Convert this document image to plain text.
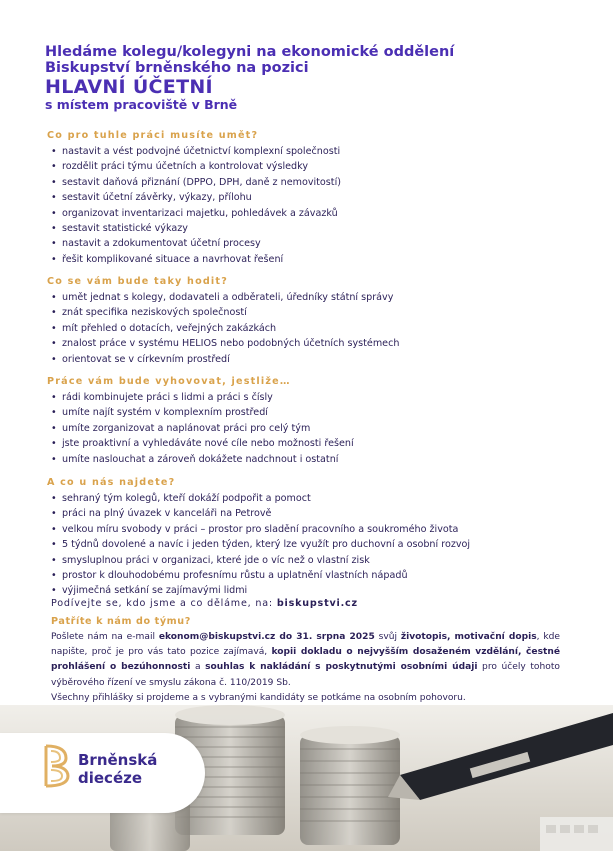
Hledáme kolegu/kolegyni na ekonomické oddělení

Biskupství brněnského na pozici

HLAVNÍ ÚČETNÍ

s místem pracoviště v Brně

Co pro tuhle práci musíte umět?
• nastavit a vést podvojné účetnictví komplexní společnosti
• rozdělit práci týmu účetních a kontrolovat výsledky
• sestavit daňová přiznání (DPPO, DPH, daně z nemovitostí)
• sestavit účetní závěrky, výkazy, přílohu
• organizovat inventarizaci majetku, pohledávek a závazků
• sestavit statistické výkazy
• nastavit a zdokumentovat účetní procesy
• řešit komplikované situace a navrhovat řešení
Co se vám bude taky hodit?
• umět jednat s kolegy, dodavateli a odběrateli, úředníky státní správy
• znát specifika neziskových společností
• mít přehled o dotacích, veřejných zakázkách
• znalost práce v systému HELIOS nebo podobných účetních systémech
• orientovat se v církevním prostředí
Práce vám bude vyhovovat, jestliže…
• rádi kombinujete práci s lidmi a práci s čísly
• umíte najít systém v komplexním prostředí
• umíte zorganizovat a naplánovat práci pro celý tým
• jste proaktivní a vyhledáváte nové cíle nebo možnosti řešení
• umíte naslouchat a zároveň dokážete nadchnout i ostatní
A co u nás najdete?
• sehraný tým kolegů, kteří dokáží podpořit a pomoct
• práci na plný úvazek v kanceláři na Petrově
• velkou míru svobody v práci – prostor pro sladění pracovního a soukromého života
• 5 týdnů dovolené a navíc i jeden týden, který lze využít pro duchovní a osobní rozvoj
• smysluplnou práci v organizaci, které jde o víc než o vlastní zisk
• prostor k dlouhodobému profesnímu růstu a uplatnění vlastních nápadů
• výjimečná setkání se zajímavými lidmi
Podívejte se, kdo jsme a co děláme, na: biskupstvi.cz
Patříte k nám do týmu?
Pošlete nám na e-mail ekonom@biskupstvi.cz do 31. srpna 2025 svůj životopis, motivační dopis, kde napište, proč je pro vás tato pozice zajímavá, kopii dokladu o nejvyšším dosaženém vzdělání, čestné prohlášení o bezúhonnosti a souhlas k nakládání s poskytnutými osobními údaji pro účely tohoto výběrového řízení ve smyslu zákona č. 110/2019 Sb.
Všechny přihlášky si projdeme a s vybranými kandidáty se potkáme na osobním pohovoru.
Brněnská
diecéze
